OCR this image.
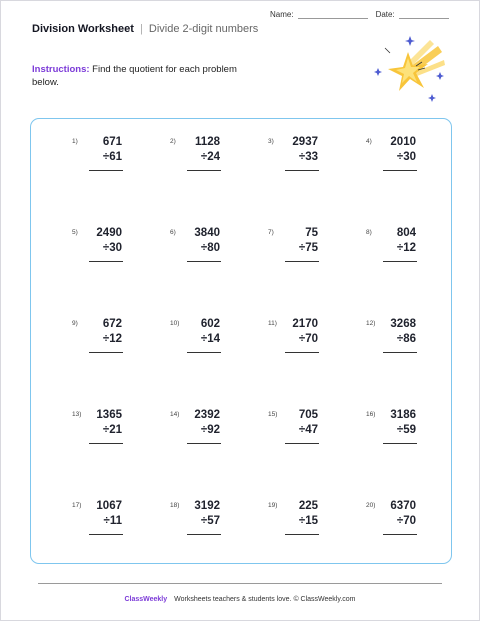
Name:	Date:
Division Worksheet | Divide 2-digit numbers
Instructions: Find the quotient for each problem below.
1) 671
÷61
2) 1128
÷24
3) 2937
÷33
4) 2010
÷30
5) 2490
÷30
6) 3840
÷80
7)	75
÷75
8) 804
÷12
9) 672
÷12
10) 602
÷14
11) 2170
÷70
12) 3268
÷86
13) 1365
÷21
14) 2392
÷92
15) 705
÷47
16) 3186
÷59
17) 1067
÷11
18) 3192
÷57
19) 225
÷15
20) 6370
÷70
ClassWeekly Worksheets teachers & students love. © ClassWeekly.com
